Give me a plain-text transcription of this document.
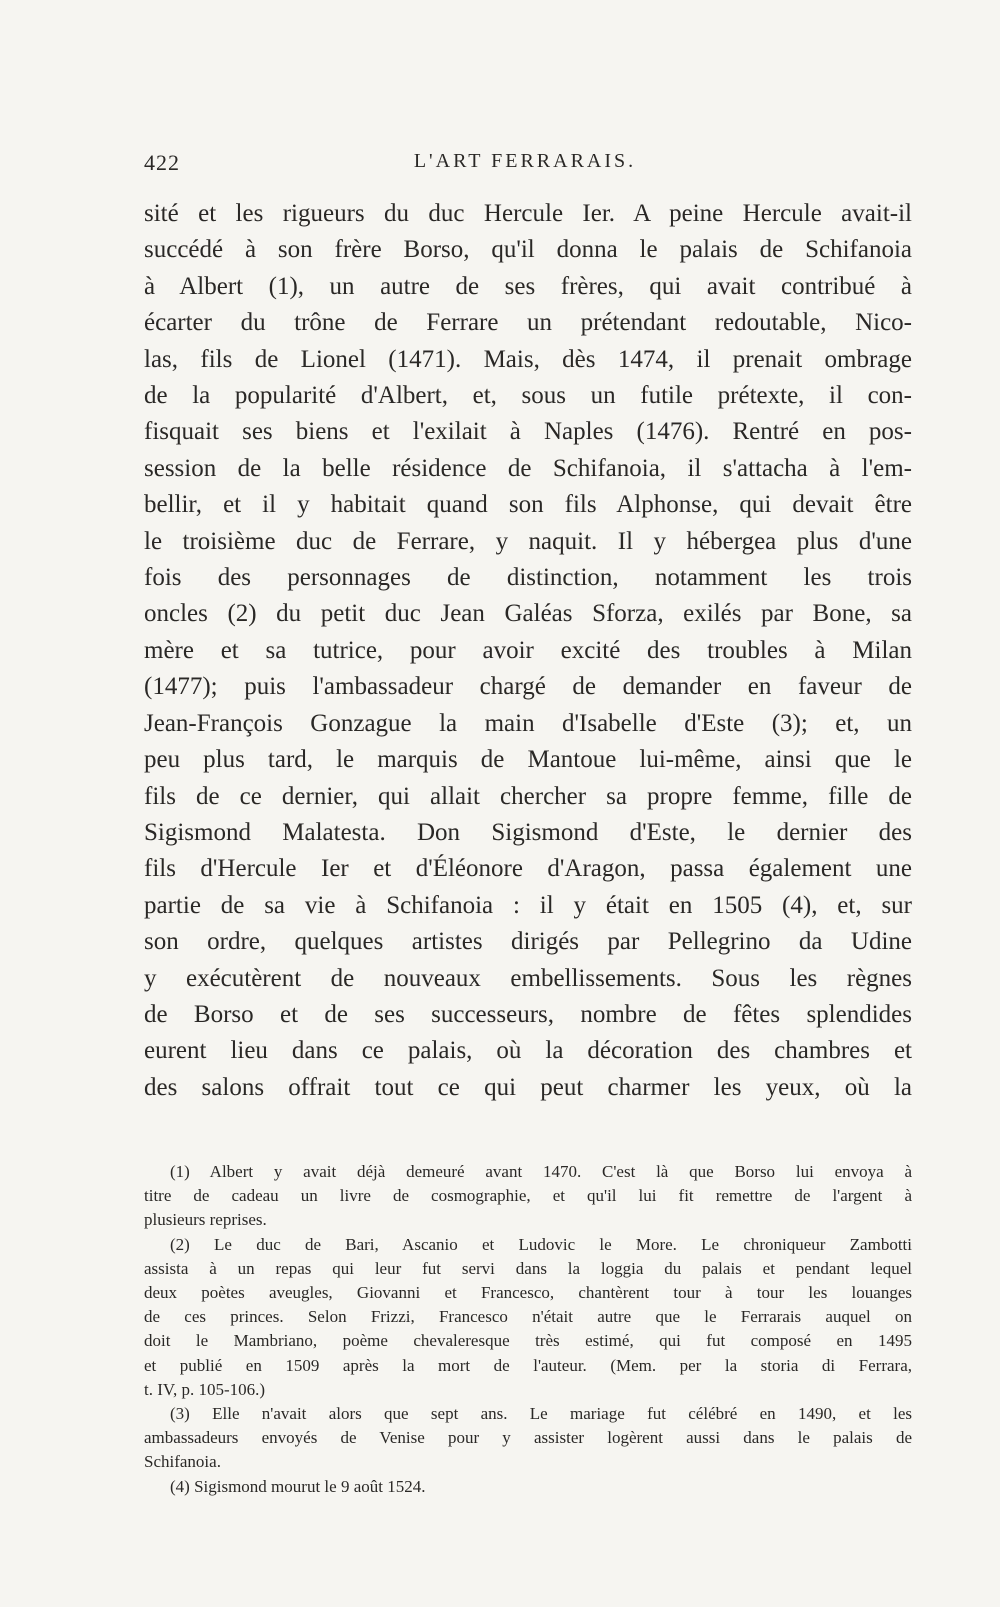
422	L'ART FERRARAIS.
sité et les rigueurs du duc Hercule Ier. A peine Hercule avait-il
succédé à son frère Borso, qu'il donna le palais de Schifanoia
à Albert (1), un autre de ses frères, qui avait contribué à
écarter du trône de Ferrare un prétendant redoutable, Nico-
las, fils de Lionel (1471). Mais, dès 1474, il prenait ombrage
de la popularité d'Albert, et, sous un futile prétexte, il con-
fisquait ses biens et l'exilait à Naples (1476). Rentré en pos-
session de la belle résidence de Schifanoia, il s'attacha à l'em-
bellir, et il y habitait quand son fils Alphonse, qui devait être
le troisième duc de Ferrare, y naquit. Il y hébergea plus d'une
fois des personnages de distinction, notamment les trois
oncles (2) du petit duc Jean Galéas Sforza, exilés par Bone, sa
mère et sa tutrice, pour avoir excité des troubles à Milan
(1477); puis l'ambassadeur chargé de demander en faveur de
Jean-François Gonzague la main d'Isabelle d'Este (3); et, un
peu plus tard, le marquis de Mantoue lui-même, ainsi que le
fils de ce dernier, qui allait chercher sa propre femme, fille de
Sigismond Malatesta. Don Sigismond d'Este, le dernier des
fils d'Hercule Ier et d'Éléonore d'Aragon, passa également une
partie de sa vie à Schifanoia : il y était en 1505 (4), et, sur
son ordre, quelques artistes dirigés par Pellegrino da Udine
y exécutèrent de nouveaux embellissements. Sous les règnes
de Borso et de ses successeurs, nombre de fêtes splendides
eurent lieu dans ce palais, où la décoration des chambres et
des salons offrait tout ce qui peut charmer les yeux, où la
(1) Albert y avait déjà demeuré avant 1470. C'est là que Borso lui envoya à
titre de cadeau un livre de cosmographie, et qu'il lui fit remettre de l'argent à
plusieurs reprises.
(2) Le duc de Bari, Ascanio et Ludovic le More. Le chroniqueur Zambotti
assista à un repas qui leur fut servi dans la loggia du palais et pendant lequel
deux poètes aveugles, Giovanni et Francesco, chantèrent tour à tour les louanges
de ces princes. Selon Frizzi, Francesco n'était autre que le Ferrarais auquel on
doit le Mambriano, poème chevaleresque très estimé, qui fut composé en 1495
et publié en 1509 après la mort de l'auteur. (Mem. per la storia di Ferrara,
t. IV, p. 105-106.)
(3) Elle n'avait alors que sept ans. Le mariage fut célébré en 1490, et les
ambassadeurs envoyés de Venise pour y assister logèrent aussi dans le palais de
Schifanoia.
(4) Sigismond mourut le 9 août 1524.
